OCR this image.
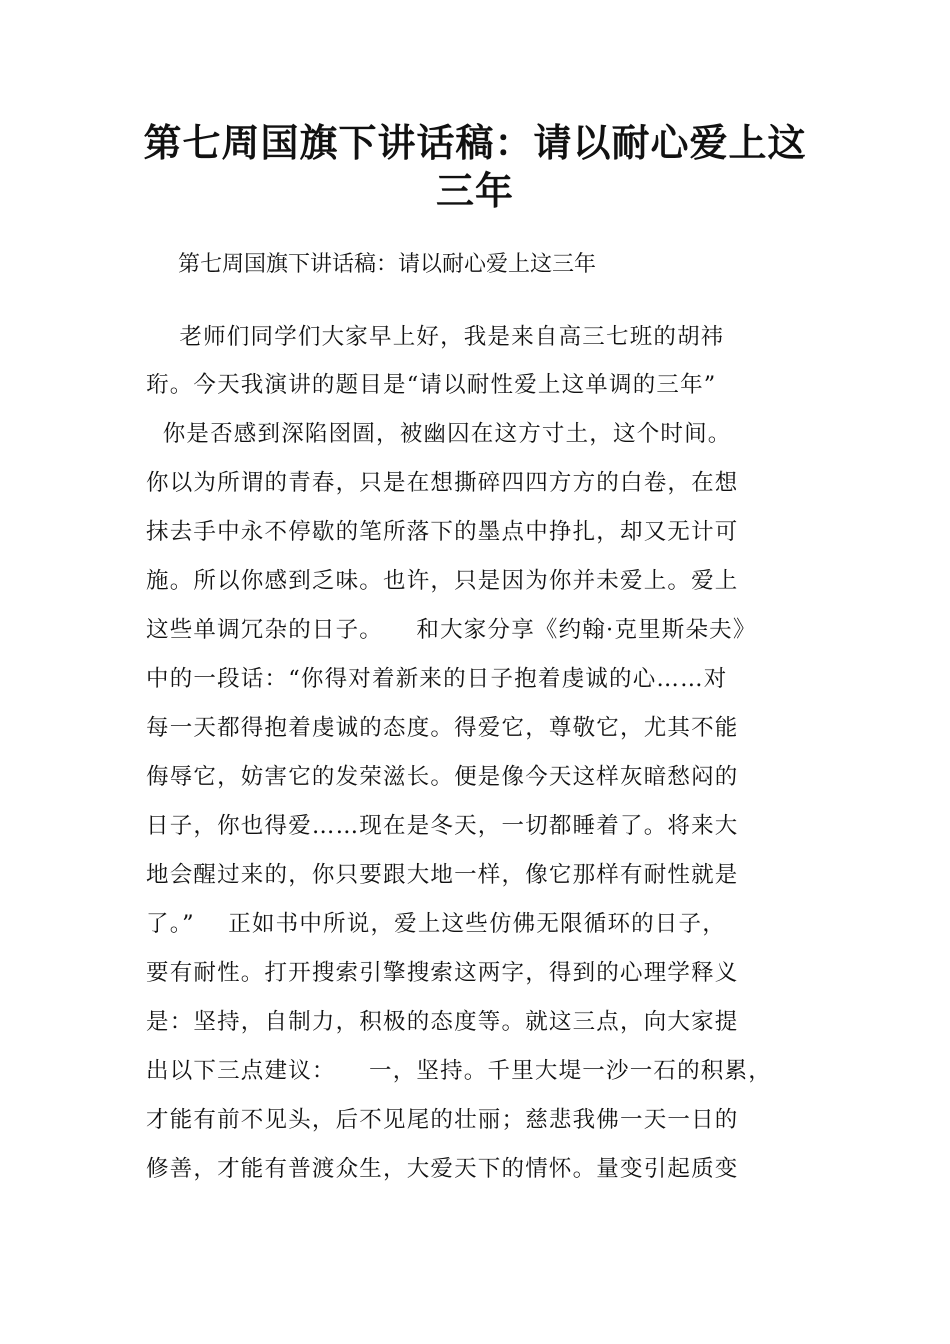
第七周国旗下讲话稿：请以耐心爱上这
三年
第七周国旗下讲话稿：请以耐心爱上这三年
老师们同学们大家早上好，我是来自高三七班的胡祎
珩。今天我演讲的题目是“请以耐性爱上这单调的三年”
你是否感到深陷囹圄，被幽囚在这方寸土，这个时间。
你以为所谓的青春，只是在想撕碎四四方方的白卷，在想
抹去手中永不停歇的笔所落下的墨点中挣扎，却又无计可
施。所以你感到乏味。也许，只是因为你并未爱上。爱上
这些单调冗杂的日子。    和大家分享《约翰·克里斯朵夫》
中的一段话：“你得对着新来的日子抱着虔诚的心……对
每一天都得抱着虔诚的态度。得爱它，尊敬它，尤其不能
侮辱它，妨害它的发荣滋长。便是像今天这样灰暗愁闷的
日子，你也得爱……现在是冬天，一切都睡着了。将来大
地会醒过来的，你只要跟大地一样，像它那样有耐性就是
了。”    正如书中所说，爱上这些仿佛无限循环的日子，
要有耐性。打开搜索引擎搜索这两字，得到的心理学释义
是：坚持，自制力，积极的态度等。就这三点，向大家提
出以下三点建议：    一，坚持。千里大堤一沙一石的积累，
才能有前不见头，后不见尾的壮丽；慈悲我佛一天一日的
修善，才能有普渡众生，大爱天下的情怀。量变引起质变
